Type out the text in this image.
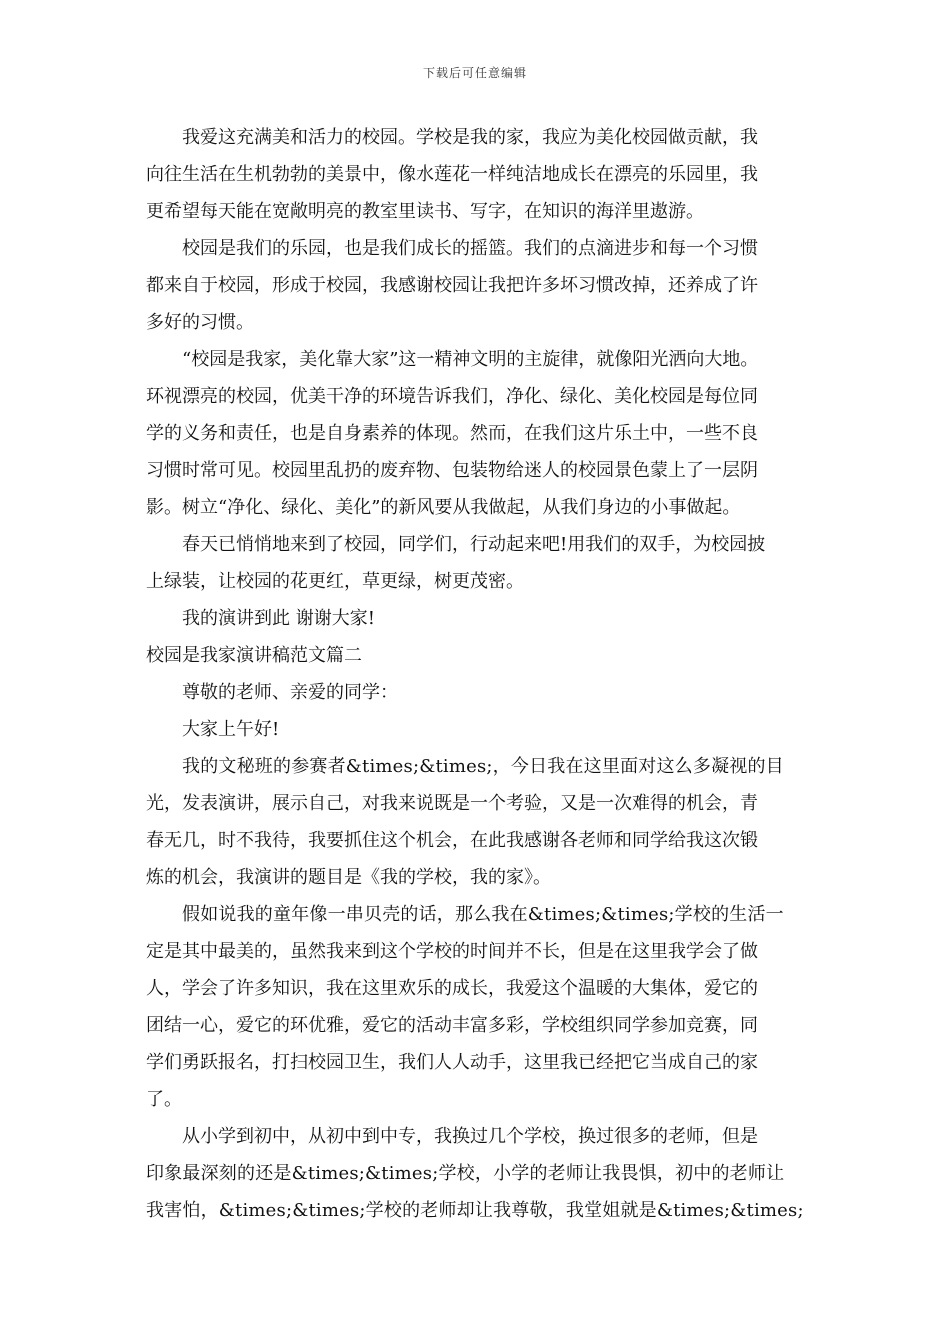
下载后可任意编辑
我爱这充满美和活力的校园。学校是我的家，我应为美化校园做贡献，我
向往生活在生机勃勃的美景中，像水莲花一样纯洁地成长在漂亮的乐园里，我
更希望每天能在宽敞明亮的教室里读书、写字，在知识的海洋里遨游。
校园是我们的乐园，也是我们成长的摇篮。我们的点滴进步和每一个习惯
都来自于校园，形成于校园，我感谢校园让我把许多坏习惯改掉，还养成了许
多好的习惯。
“校园是我家，美化靠大家”这一精神文明的主旋律，就像阳光洒向大地。
环视漂亮的校园，优美干净的环境告诉我们，净化、绿化、美化校园是每位同
学的义务和责任，也是自身素养的体现。然而，在我们这片乐土中，一些不良
习惯时常可见。校园里乱扔的废弃物、包装物给迷人的校园景色蒙上了一层阴
影。树立“净化、绿化、美化”的新风要从我做起，从我们身边的小事做起。
春天已悄悄地来到了校园，同学们，行动起来吧!用我们的双手，为校园披
上绿装，让校园的花更红，草更绿，树更茂密。
我的演讲到此 谢谢大家!
校园是我家演讲稿范文篇二
尊敬的老师、亲爱的同学：
大家上午好!
我的文秘班的参赛者&times;&times;，今日我在这里面对这么多凝视的目
光，发表演讲，展示自己，对我来说既是一个考验，又是一次难得的机会，青
春无几，时不我待，我要抓住这个机会，在此我感谢各老师和同学给我这次锻
炼的机会，我演讲的题目是《我的学校，我的家》。
假如说我的童年像一串贝壳的话，那么我在&times;&times;学校的生活一
定是其中最美的，虽然我来到这个学校的时间并不长，但是在这里我学会了做
人，学会了许多知识，我在这里欢乐的成长，我爱这个温暖的大集体，爱它的
团结一心，爱它的环优雅，爱它的活动丰富多彩，学校组织同学参加竞赛，同
学们勇跃报名，打扫校园卫生，我们人人动手，这里我已经把它当成自己的家
了。
从小学到初中，从初中到中专，我换过几个学校，换过很多的老师，但是
印象最深刻的还是&times;&times;学校，小学的老师让我畏惧，初中的老师让
我害怕，&times;&times;学校的老师却让我尊敬，我堂姐就是&times;&times;
